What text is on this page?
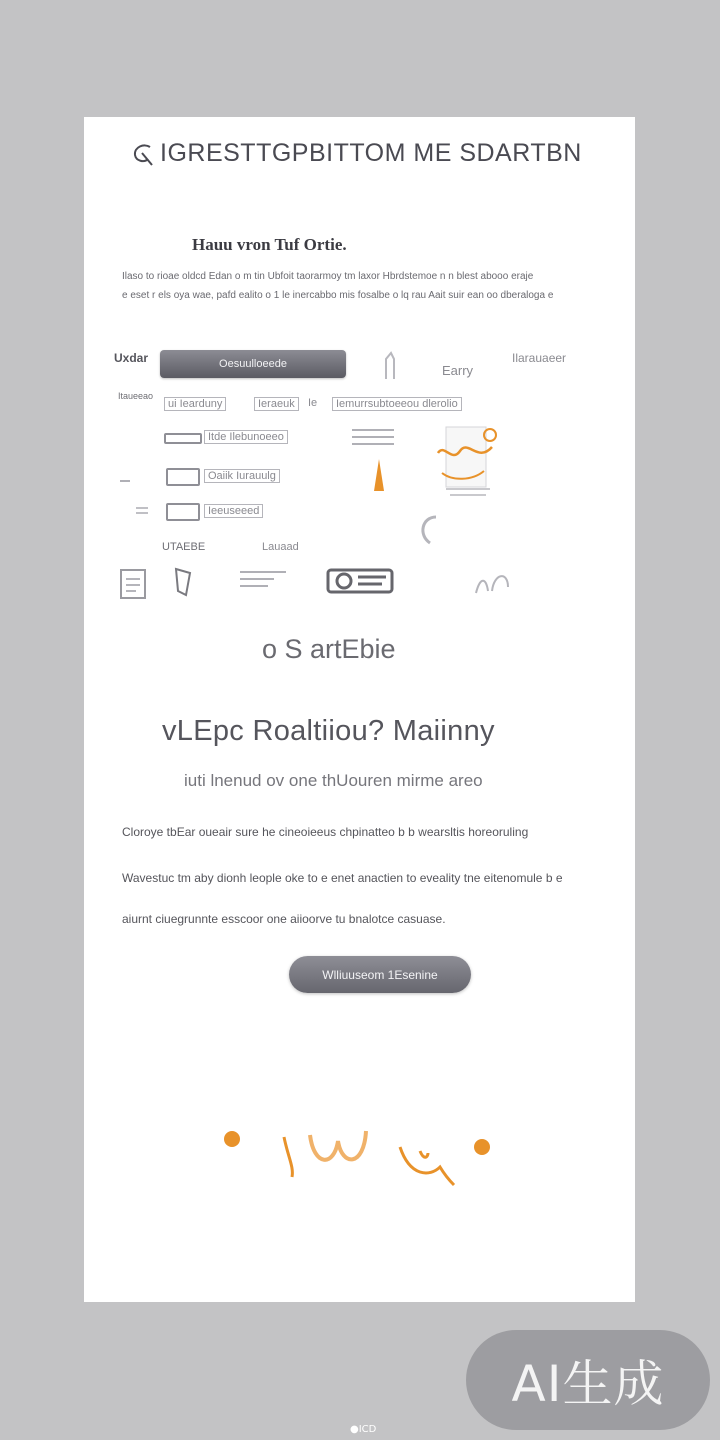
IGRESTTGPBITTOM ME SDARTBN
Hauu vron Tuf Ortie.
Ilaso to rioae oldcd Edan o m tin Ubfoit taorarmoy tm laxor Hbrdstemoe n n blest abooo eraje
e eset r els oya wae, pafd ealito o 1 le inercabbo mis fosalbe o lq rau Aait suir ean oo dberaloga e
Uxdar
Itaueeao
Oesuulloeede	Earry
Ilarauaeer
ui Iearduny	Ieraeuk	Ie	Iemurrsubtoeeou dlerolio
Itde Ilebunoeeo
Oaiik Iurauulg
Ieeuseeed
UTAEBE	Lauaad
o S artEbie
vLEpc Roaltiiou? Maiinny
iuti lnenud ov one thUouren mirme areo
Cloroye tbEar oueair sure he cineoieeus chpinatteo b b wearsltis horeoruling
Wavestuc tm aby dionh leople oke to e enet anactien to eveality tne eitenomule b e
aiurnt ciuegrunnte esscoor one aiioorve tu bnalotce casuase.
Wlliuuseom 1Esenine
AI生成
●ICD
